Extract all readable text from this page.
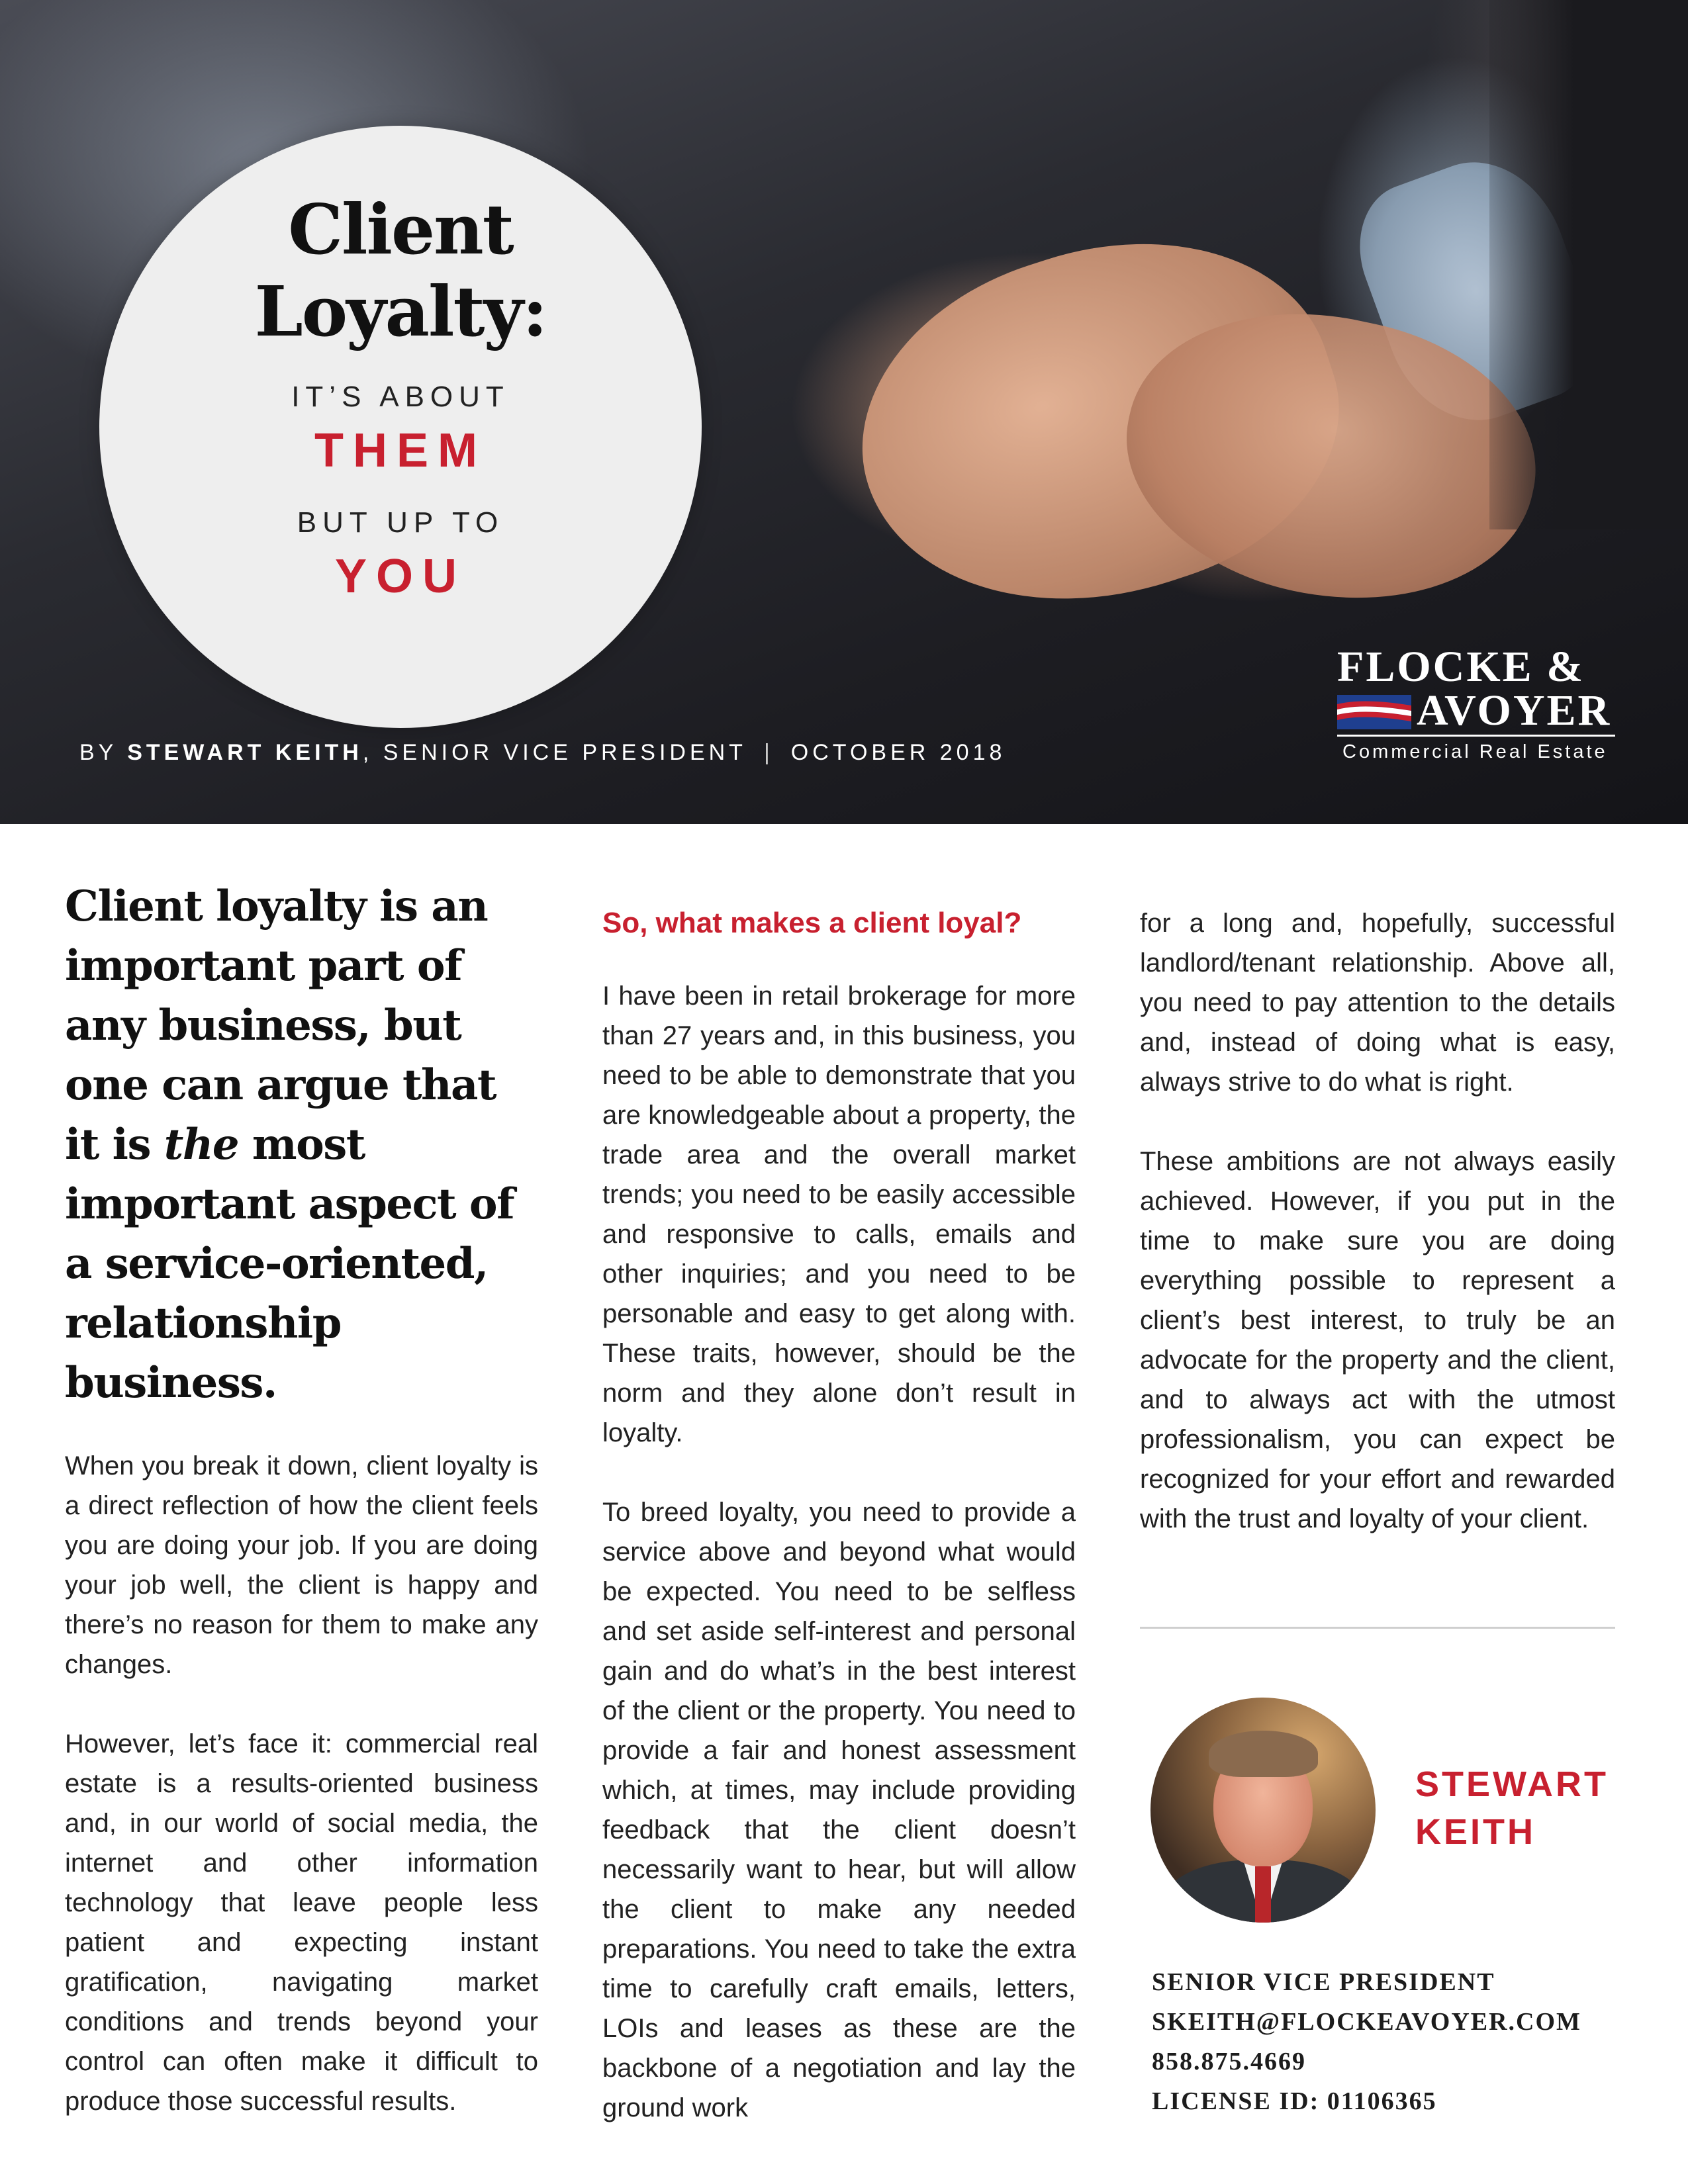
Client
Loyalty:
IT’S ABOUT
THEM
BUT UP TO
YOU
BY STEWART KEITH, SENIOR VICE PRESIDENT | OCTOBER 2018
FLOCKE &
AVOYER
Commercial Real Estate
Client loyalty is an important part of any business, but one can argue that it is the most important aspect of a service-oriented, relationship business.

When you break it down, client loyalty is a direct reflection of how the client feels you are doing your job. If you are doing your job well, the client is happy and there’s no reason for them to make any changes.

However, let’s face it: commercial real estate is a results-oriented business and, in our world of social media, the internet and other information technology that leave people less patient and expecting instant gratification, navigating market conditions and trends beyond your control can often make it difficult to produce those successful results.

So, what makes a client loyal?

I have been in retail brokerage for more than 27 years and, in this business, you need to be able to demonstrate that you are knowledgeable about a property, the trade area and the overall market trends; you need to be easily accessible and responsive to calls, emails and other inquiries; and you need to be personable and easy to get along with. These traits, however, should be the norm and they alone don’t result in loyalty.

To breed loyalty, you need to provide a service above and beyond what would be expected. You need to be selfless and set aside self-interest and personal gain and do what’s in the best interest of the client or the property. You need to provide a fair and honest assessment which, at times, may include providing feedback that the client doesn’t necessarily want to hear, but will allow the client to make any needed preparations. You need to take the extra time to carefully craft emails, letters, LOIs and leases as these are the backbone of a negotiation and lay the ground work

for a long and, hopefully, successful landlord/tenant relationship. Above all, you need to pay attention to the details and, instead of doing what is easy, always strive to do what is right.

These ambitions are not always easily achieved. However, if you put in the time to make sure you are doing everything possible to represent a client’s best interest, to truly be an advocate for the property and the client, and to always act with the utmost professionalism, you can expect be recognized for your effort and rewarded with the trust and loyalty of your client.

STEWART
KEITH
SENIOR VICE PRESIDENT
SKEITH@FLOCKEAVOYER.COM
858.875.4669
LICENSE ID: 01106365
